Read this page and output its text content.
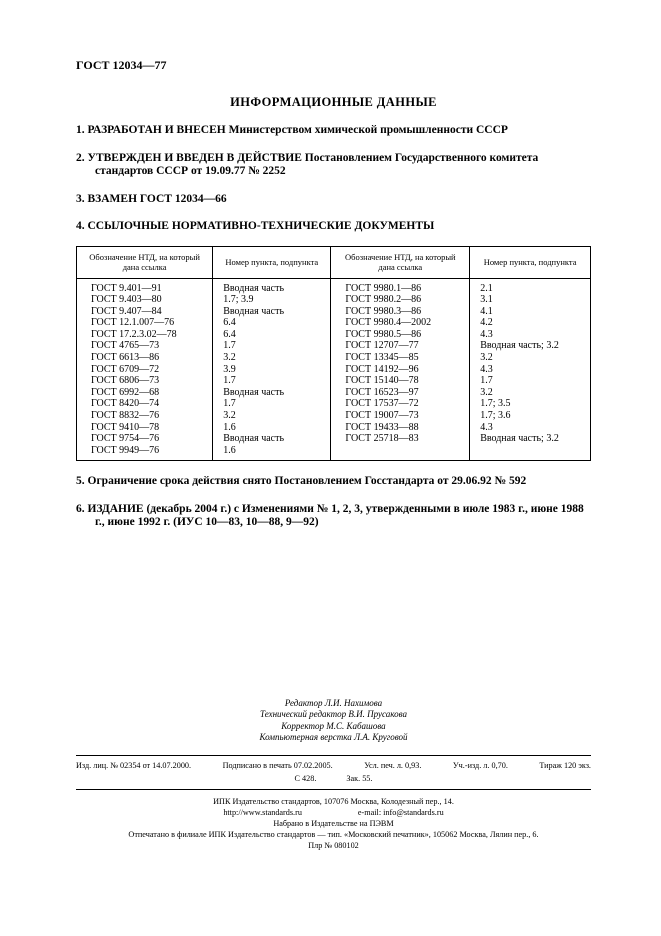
ГОСТ 12034—77
ИНФОРМАЦИОННЫЕ ДАННЫЕ
1. РАЗРАБОТАН И ВНЕСЕН Министерством химической промышленности СССР
2. УТВЕРЖДЕН И ВВЕДЕН В ДЕЙСТВИЕ Постановлением Государственного комитета стандартов СССР от 19.09.77 № 2252
3. ВЗАМЕН ГОСТ 12034—66
4. ССЫЛОЧНЫЕ НОРМАТИВНО-ТЕХНИЧЕСКИЕ ДОКУМЕНТЫ
Обозначение НТД, на который дана ссылка	Номер пункта, подпункта	Обозначение НТД, на который дана ссылка	Номер пункта, подпункта
ГОСТ 9.401—91	Вводная часть	ГОСТ 9980.1—86	2.1
ГОСТ 9.403—80	1.7; 3.9	ГОСТ 9980.2—86	3.1
ГОСТ 9.407—84	Вводная часть	ГОСТ 9980.3—86	4.1
ГОСТ 12.1.007—76	6.4	ГОСТ 9980.4—2002	4.2
ГОСТ 17.2.3.02—78	6.4	ГОСТ 9980.5—86	4.3
ГОСТ 4765—73	1.7	ГОСТ 12707—77	Вводная часть; 3.2
ГОСТ 6613—86	3.2	ГОСТ 13345—85	3.2
ГОСТ 6709—72	3.9	ГОСТ 14192—96	4.3
ГОСТ 6806—73	1.7	ГОСТ 15140—78	1.7
ГОСТ 6992—68	Вводная часть	ГОСТ 16523—97	3.2
ГОСТ 8420—74	1.7	ГОСТ 17537—72	1.7; 3.5
ГОСТ 8832—76	3.2	ГОСТ 19007—73	1.7; 3.6
ГОСТ 9410—78	1.6	ГОСТ 19433—88	4.3
ГОСТ 9754—76	Вводная часть	ГОСТ 25718—83	Вводная часть; 3.2
ГОСТ 9949—76	1.6		
5. Ограничение срока действия снято Постановлением Госстандарта от 29.06.92 № 592
6. ИЗДАНИЕ (декабрь 2004 г.) с Изменениями № 1, 2, 3, утвержденными в июле 1983 г., июне 1988 г., июне 1992 г. (ИУС 10—83, 10—88, 9—92)
Редактор Л.И. Нахимова
Технический редактор В.И. Прусакова
Корректор М.С. Кабашова
Компьютерная верстка Л.А. Круговой
Изд. лиц. № 02354 от 14.07.2000.	Подписано в печать 07.02.2005.	Усл. печ. л. 0,93.	Уч.-изд. л. 0,70.	Тираж 120 экз.
С 428.	Зак. 55.
ИПК Издательство стандартов, 107076 Москва, Колодезный пер., 14.
http://www.standards.ru	e-mail: info@standards.ru
Набрано в Издательстве на ПЭВМ
Отпечатано в филиале ИПК Издательство стандартов — тип. «Московский печатник», 105062 Москва, Лялин пер., 6.
Плр № 080102
